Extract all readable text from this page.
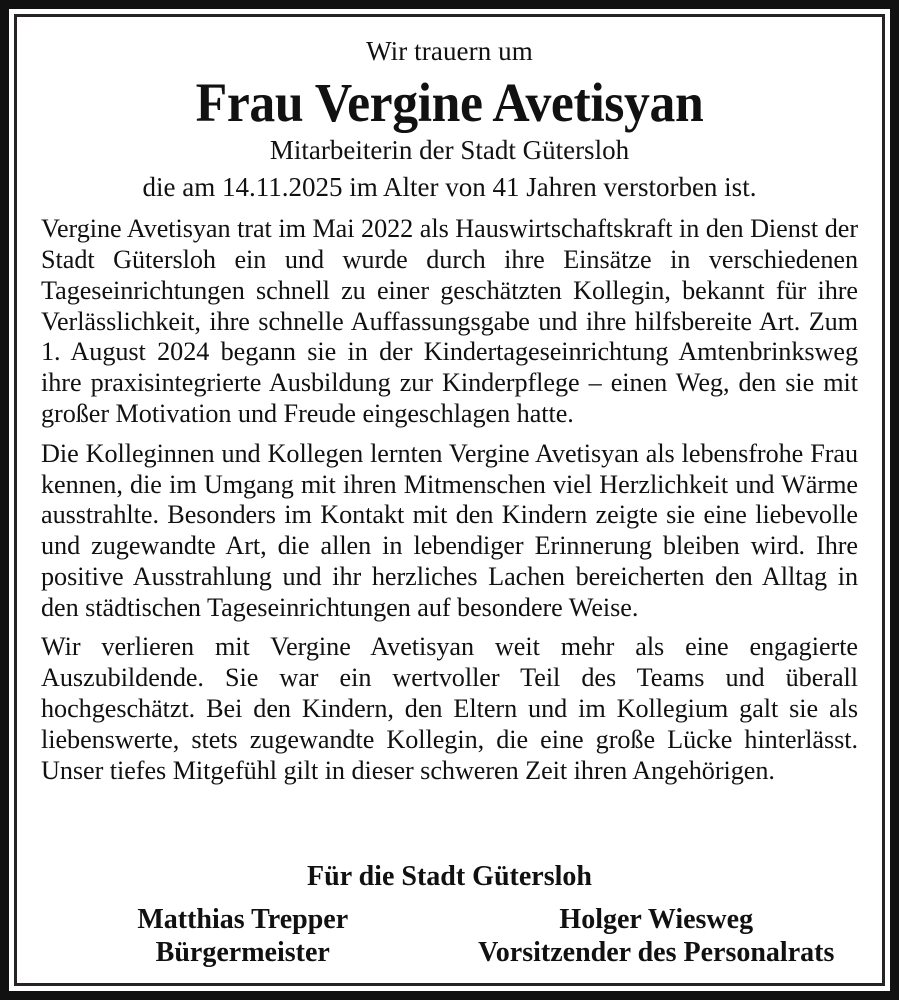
Wir trauern um
Frau Vergine Avetisyan
Mitarbeiterin der Stadt Gütersloh
die am 14.11.2025 im Alter von 41 Jahren verstorben ist.

Vergine Avetisyan trat im Mai 2022 als Hauswirtschaftskraft in den Dienst der Stadt Gütersloh ein und wurde durch ihre Einsätze in verschiedenen Tageseinrichtungen schnell zu einer geschätzten Kollegin, bekannt für ihre Verlässlichkeit, ihre schnelle Auffassungsgabe und ihre hilfsbereite Art. Zum 1. August 2024 begann sie in der Kindertageseinrichtung Amtenbrinksweg ihre praxisintegrierte Ausbildung zur Kinderpflege – einen Weg, den sie mit großer Motivation und Freude eingeschlagen hatte.

Die Kolleginnen und Kollegen lernten Vergine Avetisyan als lebensfrohe Frau kennen, die im Umgang mit ihren Mitmenschen viel Herzlichkeit und Wärme ausstrahlte. Besonders im Kontakt mit den Kindern zeigte sie eine liebevolle und zugewandte Art, die allen in lebendiger Erinnerung bleiben wird. Ihre positive Ausstrahlung und ihr herzliches Lachen bereicherten den Alltag in den städtischen Tageseinrichtungen auf besondere Weise.

Wir verlieren mit Vergine Avetisyan weit mehr als eine engagierte Auszubildende. Sie war ein wertvoller Teil des Teams und überall hochgeschätzt. Bei den Kindern, den Eltern und im Kollegium galt sie als liebenswerte, stets zugewandte Kollegin, die eine große Lücke hinterlässt. Unser tiefes Mitgefühl gilt in dieser schweren Zeit ihren Angehörigen.

Für die Stadt Gütersloh
Matthias Trepper
Bürgermeister
Holger Wiesweg
Vorsitzender des Personalrats
